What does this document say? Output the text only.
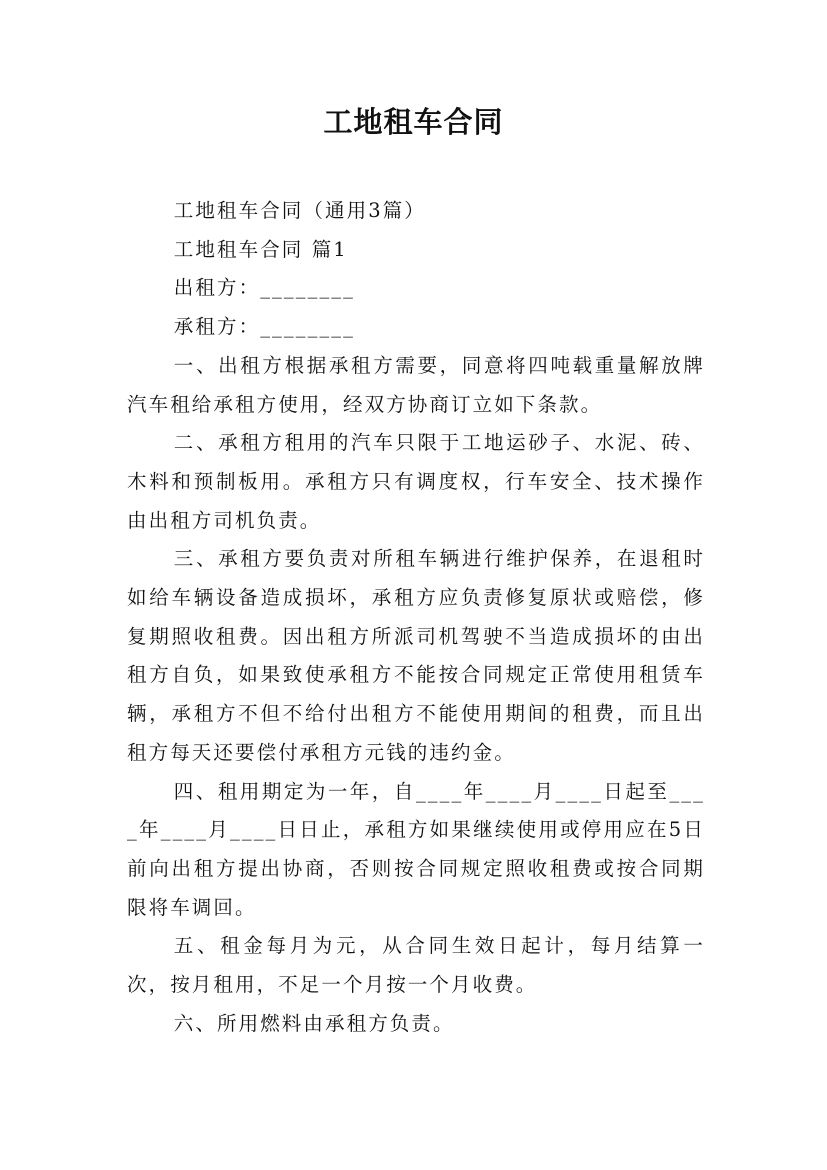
工地租车合同

工地租车合同（通用3篇）

工地租车合同 篇1

出租方：________

承租方：________

一、出租方根据承租方需要，同意将四吨载重量解放牌汽车租给承租方使用，经双方协商订立如下条款。

二、承租方租用的汽车只限于工地运砂子、水泥、砖、木料和预制板用。承租方只有调度权，行车安全、技术操作由出租方司机负责。

三、承租方要负责对所租车辆进行维护保养，在退租时如给车辆设备造成损坏，承租方应负责修复原状或赔偿，修复期照收租费。因出租方所派司机驾驶不当造成损坏的由出租方自负，如果致使承租方不能按合同规定正常使用租赁车辆，承租方不但不给付出租方不能使用期间的租费，而且出租方每天还要偿付承租方元钱的违约金。

四、租用期定为一年，自____年____月____日起至____年____月____日日止，承租方如果继续使用或停用应在5日前向出租方提出协商，否则按合同规定照收租费或按合同期限将车调回。

五、租金每月为元，从合同生效日起计，每月结算一次，按月租用，不足一个月按一个月收费。

六、所用燃料由承租方负责。
